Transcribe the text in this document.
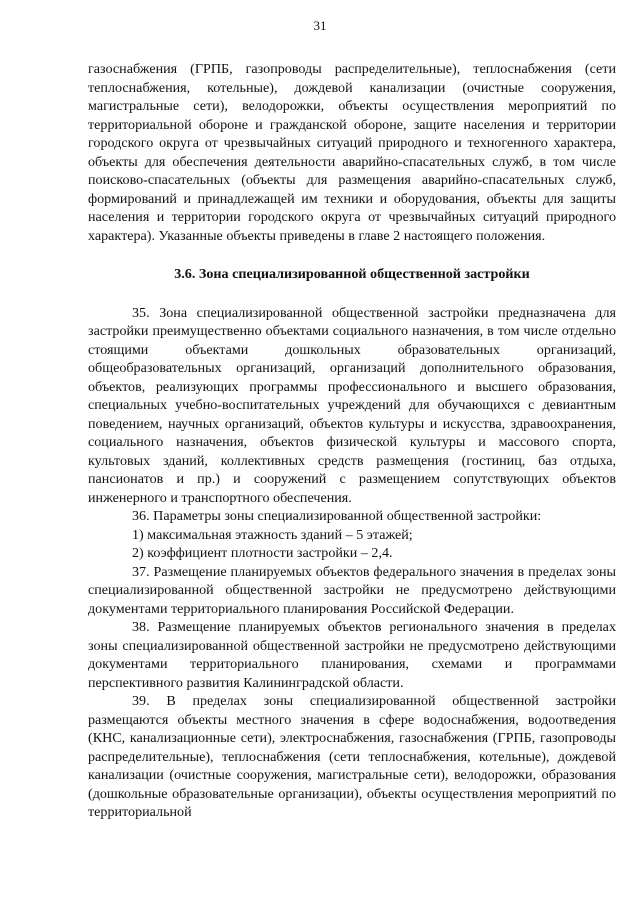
31

газоснабжения (ГРПБ, газопроводы распределительные), теплоснабжения (сети теплоснабжения, котельные), дождевой канализации (очистные сооружения, магистральные сети), велодорожки, объекты осуществления мероприятий по территориальной обороне и гражданской обороне, защите населения и территории городского округа от чрезвычайных ситуаций природного и техногенного характера, объекты для обеспечения деятельности аварийно-спасательных служб, в том числе поисково-спасательных (объекты для размещения аварийно-спасательных служб, формирований и принадлежащей им техники и оборудования, объекты для защиты населения и территории городского округа от чрезвычайных ситуаций природного характера). Указанные объекты приведены в главе 2 настоящего положения.

3.6. Зона специализированной общественной застройки

35. Зона специализированной общественной застройки предназначена для застройки преимущественно объектами социального назначения, в том числе отдельно стоящими объектами дошкольных образовательных организаций, общеобразовательных организаций, организаций дополнительного образования, объектов, реализующих программы профессионального и высшего образования, специальных учебно-воспитательных учреждений для обучающихся с девиантным поведением, научных организаций, объектов культуры и искусства, здравоохранения, социального назначения, объектов физической культуры и массового спорта, культовых зданий, коллективных средств размещения (гостиниц, баз отдыха, пансионатов и пр.) и сооружений с размещением сопутствующих объектов инженерного и транспортного обеспечения.

36. Параметры зоны специализированной общественной застройки:

1) максимальная этажность зданий – 5 этажей;

2) коэффициент плотности застройки – 2,4.

37. Размещение планируемых объектов федерального значения в пределах зоны специализированной общественной застройки не предусмотрено действующими документами территориального планирования Российской Федерации.

38. Размещение планируемых объектов регионального значения в пределах зоны специализированной общественной застройки не предусмотрено действующими документами территориального планирования, схемами и программами перспективного развития Калининградской области.

39. В пределах зоны специализированной общественной застройки размещаются объекты местного значения в сфере водоснабжения, водоотведения (КНС, канализационные сети), электроснабжения, газоснабжения (ГРПБ, газопроводы распределительные), теплоснабжения (сети теплоснабжения, котельные), дождевой канализации (очистные сооружения, магистральные сети), велодорожки, образования (дошкольные образовательные организации), объекты осуществления мероприятий по территориальной
